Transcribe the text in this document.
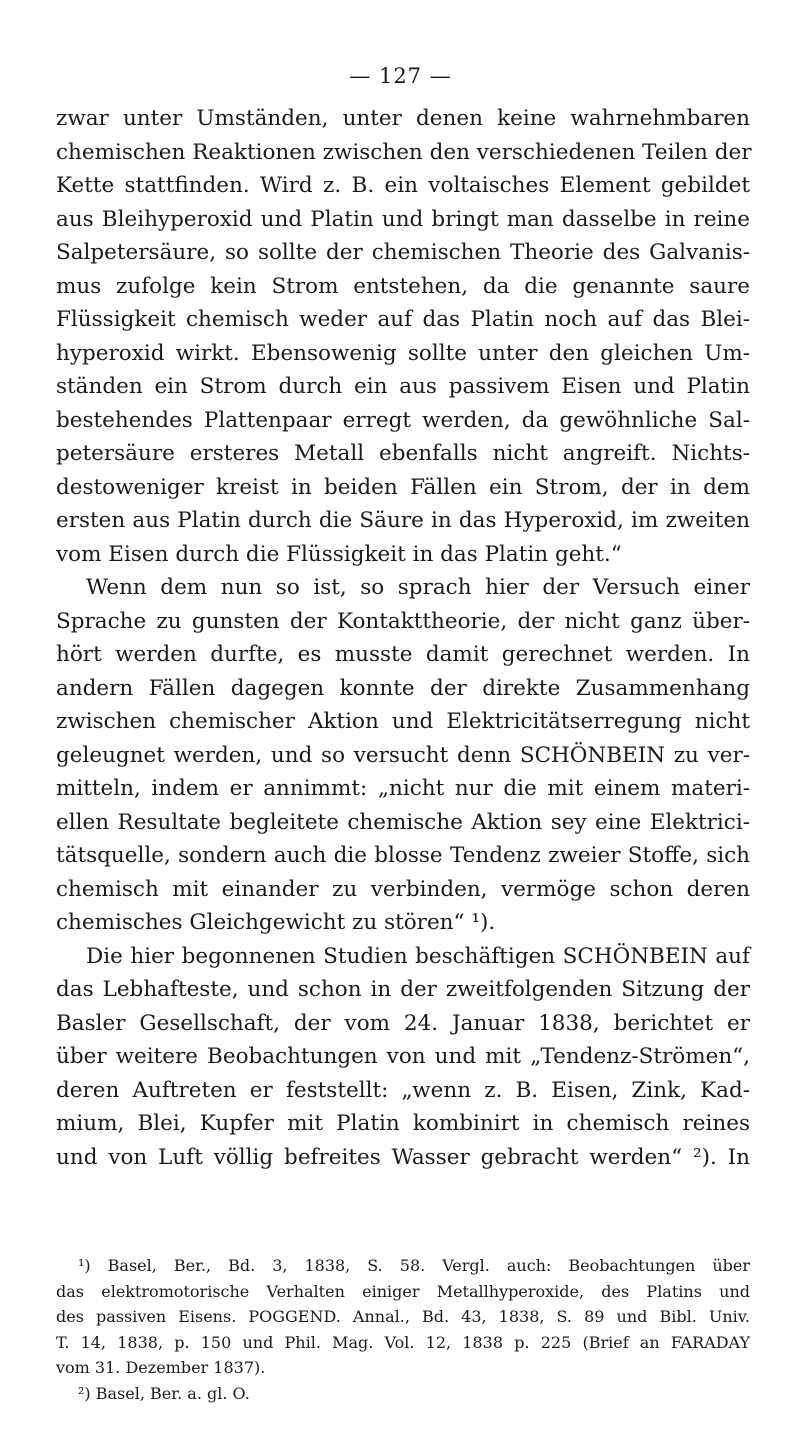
— 127 —
zwar unter Umständen, unter denen keine wahrnehmbaren
chemischen Reaktionen zwischen den verschiedenen Teilen der
Kette stattfinden. Wird z. B. ein voltaisches Element gebildet
aus Bleihyperoxid und Platin und bringt man dasselbe in reine
Salpetersäure, so sollte der chemischen Theorie des Galvanis-
mus zufolge kein Strom entstehen, da die genannte saure
Flüssigkeit chemisch weder auf das Platin noch auf das Blei-
hyperoxid wirkt. Ebensowenig sollte unter den gleichen Um-
ständen ein Strom durch ein aus passivem Eisen und Platin
bestehendes Plattenpaar erregt werden, da gewöhnliche Sal-
petersäure ersteres Metall ebenfalls nicht angreift. Nichts-
destoweniger kreist in beiden Fällen ein Strom, der in dem
ersten aus Platin durch die Säure in das Hyperoxid, im zweiten
vom Eisen durch die Flüssigkeit in das Platin geht.“
Wenn dem nun so ist, so sprach hier der Versuch einer
Sprache zu gunsten der Kontakttheorie, der nicht ganz über-
hört werden durfte, es musste damit gerechnet werden. In
andern Fällen dagegen konnte der direkte Zusammenhang
zwischen chemischer Aktion und Elektricitätserregung nicht
geleugnet werden, und so versucht denn SCHÖNBEIN zu ver-
mitteln, indem er annimmt: „nicht nur die mit einem materi-
ellen Resultate begleitete chemische Aktion sey eine Elektrici-
tätsquelle, sondern auch die blosse Tendenz zweier Stoffe, sich
chemisch mit einander zu verbinden, vermöge schon deren
chemisches Gleichgewicht zu stören“ ¹).
Die hier begonnenen Studien beschäftigen SCHÖNBEIN auf
das Lebhafteste, und schon in der zweitfolgenden Sitzung der
Basler Gesellschaft, der vom 24. Januar 1838, berichtet er
über weitere Beobachtungen von und mit „Tendenz-Strömen“,
deren Auftreten er feststellt: „wenn z. B. Eisen, Zink, Kad-
mium, Blei, Kupfer mit Platin kombinirt in chemisch reines
und von Luft völlig befreites Wasser gebracht werden“ ²). In
¹) Basel, Ber., Bd. 3, 1838, S. 58. Vergl. auch: Beobachtungen über
das elektromotorische Verhalten einiger Metallhyperoxide, des Platins und
des passiven Eisens. POGGEND. Annal., Bd. 43, 1838, S. 89 und Bibl. Univ.
T. 14, 1838, p. 150 und Phil. Mag. Vol. 12, 1838 p. 225 (Brief an FARADAY
vom 31. Dezember 1837).
²) Basel, Ber. a. gl. O.
